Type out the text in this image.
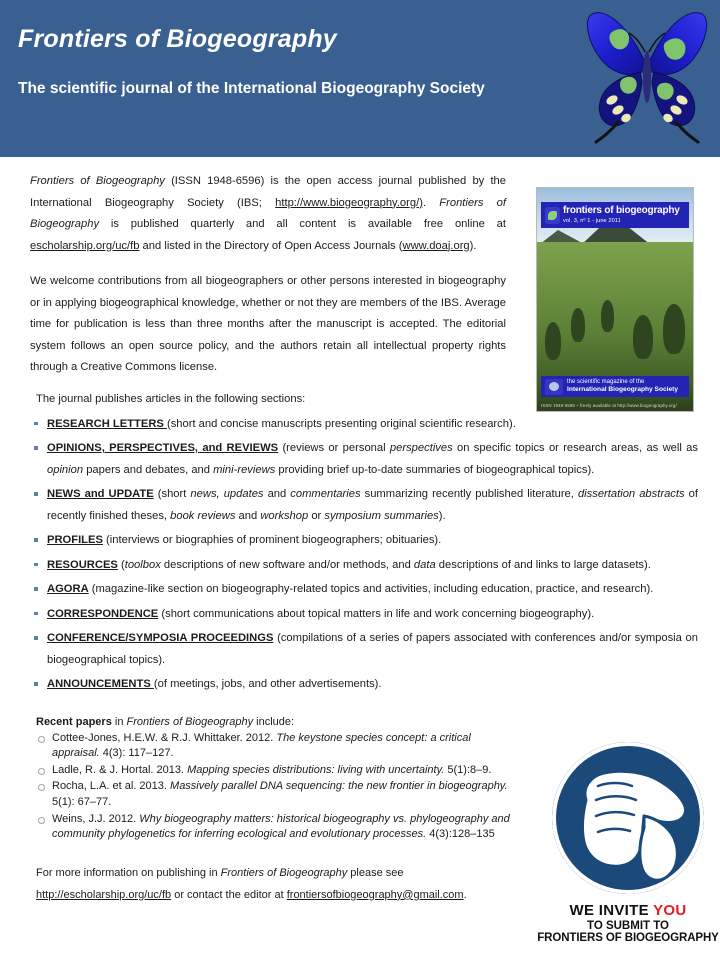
Frontiers of Biogeography
The scientific journal of the International Biogeography Society
frontiers of biogeography
vol. 3, nº 1 - june 2011
the scientific magazine of the
International Biogeography Society
ISSN 1948-6596 – freely available at http://www.biogeography.org/

Frontiers of Biogeography (ISSN 1948-6596) is the open access journal published by the International Biogeography Society (IBS; http://www.biogeography.org/). Frontiers of Biogeography is published quarterly and all content is available free online at escholarship.org/uc/fb and listed in the Directory of Open Access Journals (www.doaj.org).

We welcome contributions from all biogeographers or other persons interested in biogeography or in applying biogeographical knowledge, whether or not they are members of the IBS. Average time for publication is less than three months after the manuscript is accepted. The editorial system follows an open source policy, and the authors retain all intellectual property rights through a Creative Commons license.

The journal publishes articles in the following sections:
RESEARCH LETTERS (short and concise manuscripts presenting original scientific research).
OPINIONS, PERSPECTIVES, and REVIEWS (reviews or personal perspectives on specific topics or research areas, as well as opinion papers and debates, and mini-reviews providing brief up-to-date summaries of biogeographical topics).
NEWS and UPDATE (short news, updates and commentaries summarizing recently published literature, dissertation abstracts of recently finished theses, book reviews and workshop or symposium summaries).
PROFILES (interviews or biographies of prominent biogeographers; obituaries).
RESOURCES (toolbox descriptions of new software and/or methods, and data descriptions of and links to large datasets).
AGORA (magazine-like section on biogeography-related topics and activities, including education, practice, and research).
CORRESPONDENCE (short communications about topical matters in life and work concerning biogeography).
CONFERENCE/SYMPOSIA PROCEEDINGS (compilations of a series of papers associated with conferences and/or symposia on biogeographical topics).
ANNOUNCEMENTS (of meetings, jobs, and other advertisements).
Recent papers in Frontiers of Biogeography include:
Cottee-Jones, H.E.W. & R.J. Whittaker. 2012. The keystone species concept: a critical appraisal. 4(3): 117–127.
Ladle, R. & J. Hortal. 2013. Mapping species distributions: living with uncertainty. 5(1):8–9.
Rocha, L.A. et al. 2013. Massively parallel DNA sequencing: the new frontier in biogeography. 5(1): 67–77.
Weins, J.J. 2012. Why biogeography matters: historical biogeography vs. phylogeography and community phylogenetics for inferring ecological and evolutionary processes. 4(3):128–135
For more information on publishing in Frontiers of Biogeography please see
http://escholarship.org/uc/fb or contact the editor at frontiersofbiogeography@gmail.com.
WE INVITE YOU
TO SUBMIT TO
FRONTIERS OF BIOGEOGRAPHY
